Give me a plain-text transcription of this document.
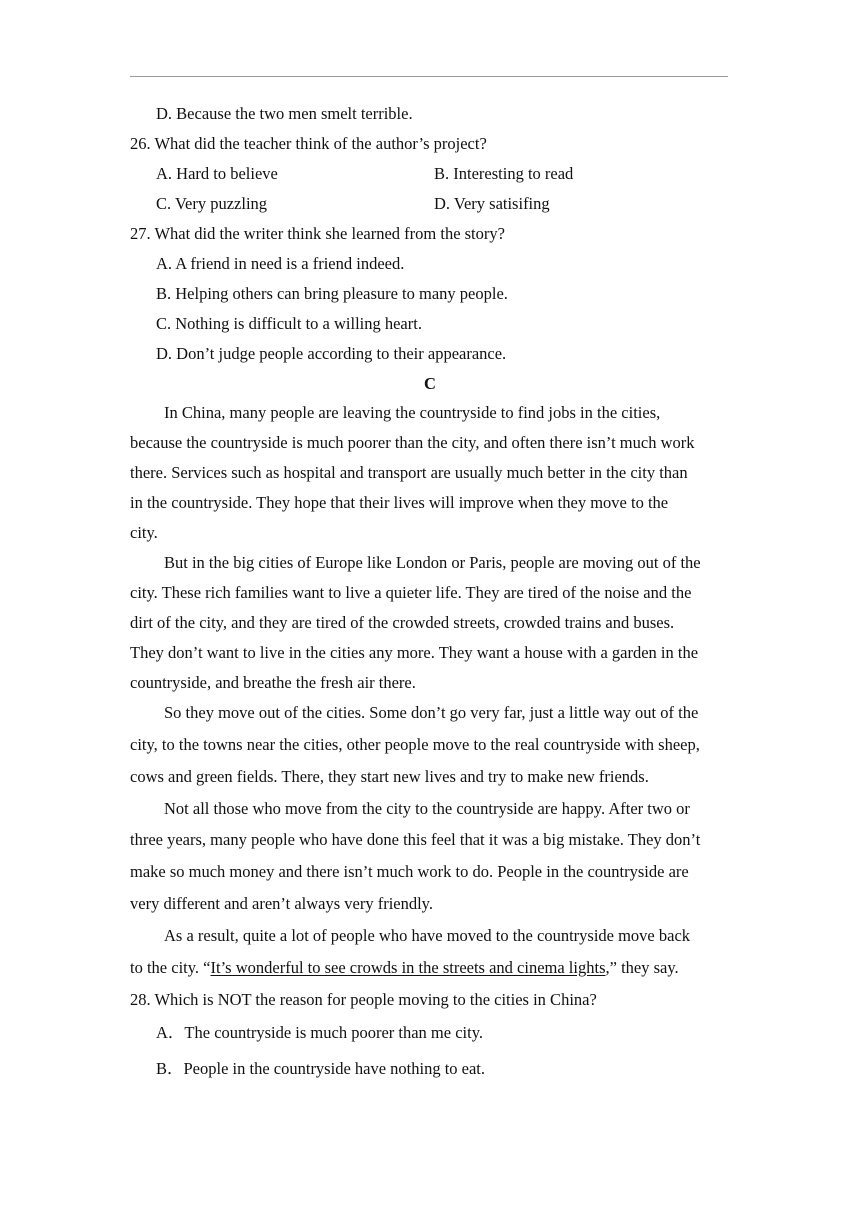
D. Because the two men smelt terrible.
26. What did the teacher think of the author’s project?
A. Hard to believe	B. Interesting to read
C. Very puzzling	D. Very satisifing
27. What did the writer think she learned from the story?
A. A friend in need is a friend indeed.
B. Helping others can bring pleasure to many people.
C. Nothing is difficult to a willing heart.
D. Don’t judge people according to their appearance.
C
In China, many people are leaving the countryside to find jobs in the cities,
because the countryside is much poorer than the city, and often there isn’t much work
there. Services such as hospital and transport are usually much better in the city than
in the countryside. They hope that their lives will improve when they move to the
city.
But in the big cities of Europe like London or Paris, people are moving out of the
city. These rich families want to live a quieter life. They are tired of the noise and the
dirt of the city, and they are tired of the crowded streets, crowded trains and buses.
They don’t want to live in the cities any more. They want a house with a garden in the
countryside, and breathe the fresh air there.
So they move out of the cities. Some don’t go very far, just a little way out of the
city, to the towns near the cities, other people move to the real countryside with sheep,
cows and green fields. There, they start new lives and try to make new friends.
Not all those who move from the city to the countryside are happy. After two or
three years, many people who have done this feel that it was a big mistake. They don’t
make so much money and there isn’t much work to do. People in the countryside are
very different and aren’t always very friendly.
As a result, quite a lot of people who have moved to the countryside move back
to the city. “It’s wonderful to see crowds in the streets and cinema lights,” they say.
28. Which is NOT the reason for people moving to the cities in China?
A．The countryside is much poorer than me city.
B．People in the countryside have nothing to eat.
